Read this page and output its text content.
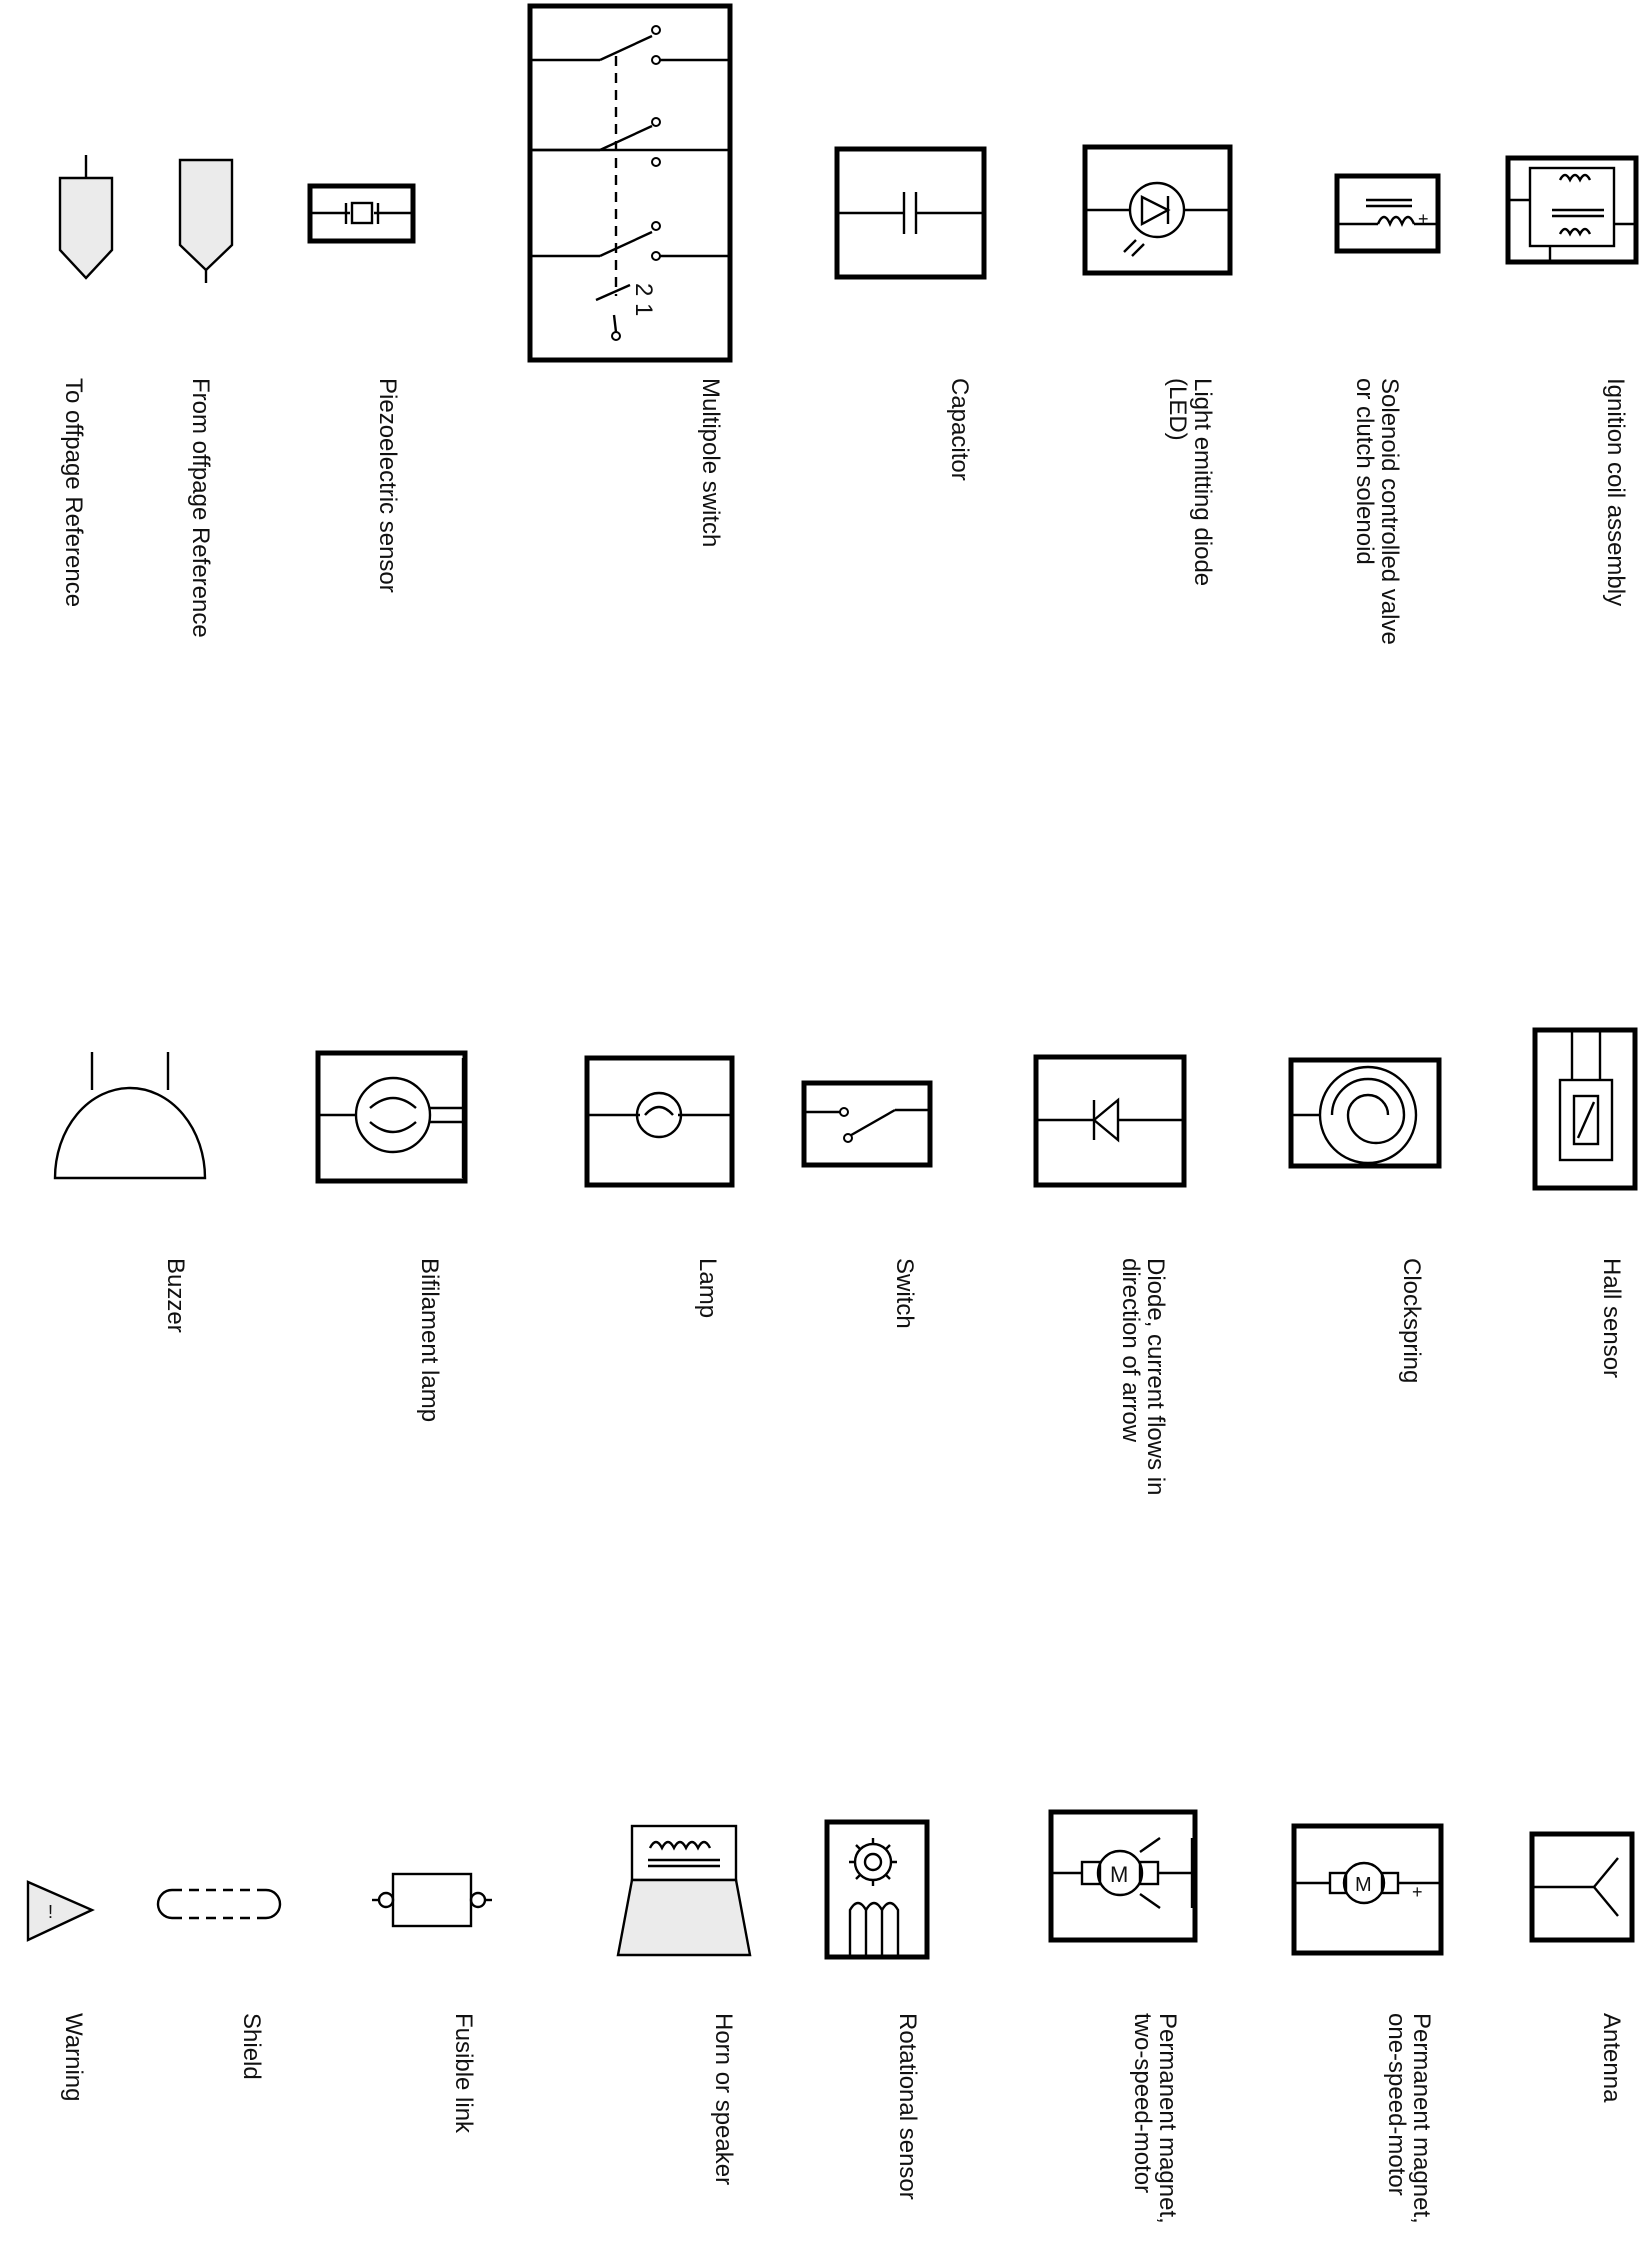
To offpage Reference	From offpage Reference	Piezoelectric sensor
2 1
Multipole switch	Capacitor	Light emitting diode
(LED)
+
Solenoid controlled valve
or clutch solenoid	Ignition coil assembly
Buzzer	Bifilament lamp	Lamp	Switch	Diode, current flows in
direction of arrow	Clockspring	Hall sensor
!
Warning	Shield	Fusible link	Horn or speaker	Rotational sensor
M
Permanent magnet,
two-speed-motor
M +
Permanent magnet,
one-speed-motor	Antenna
